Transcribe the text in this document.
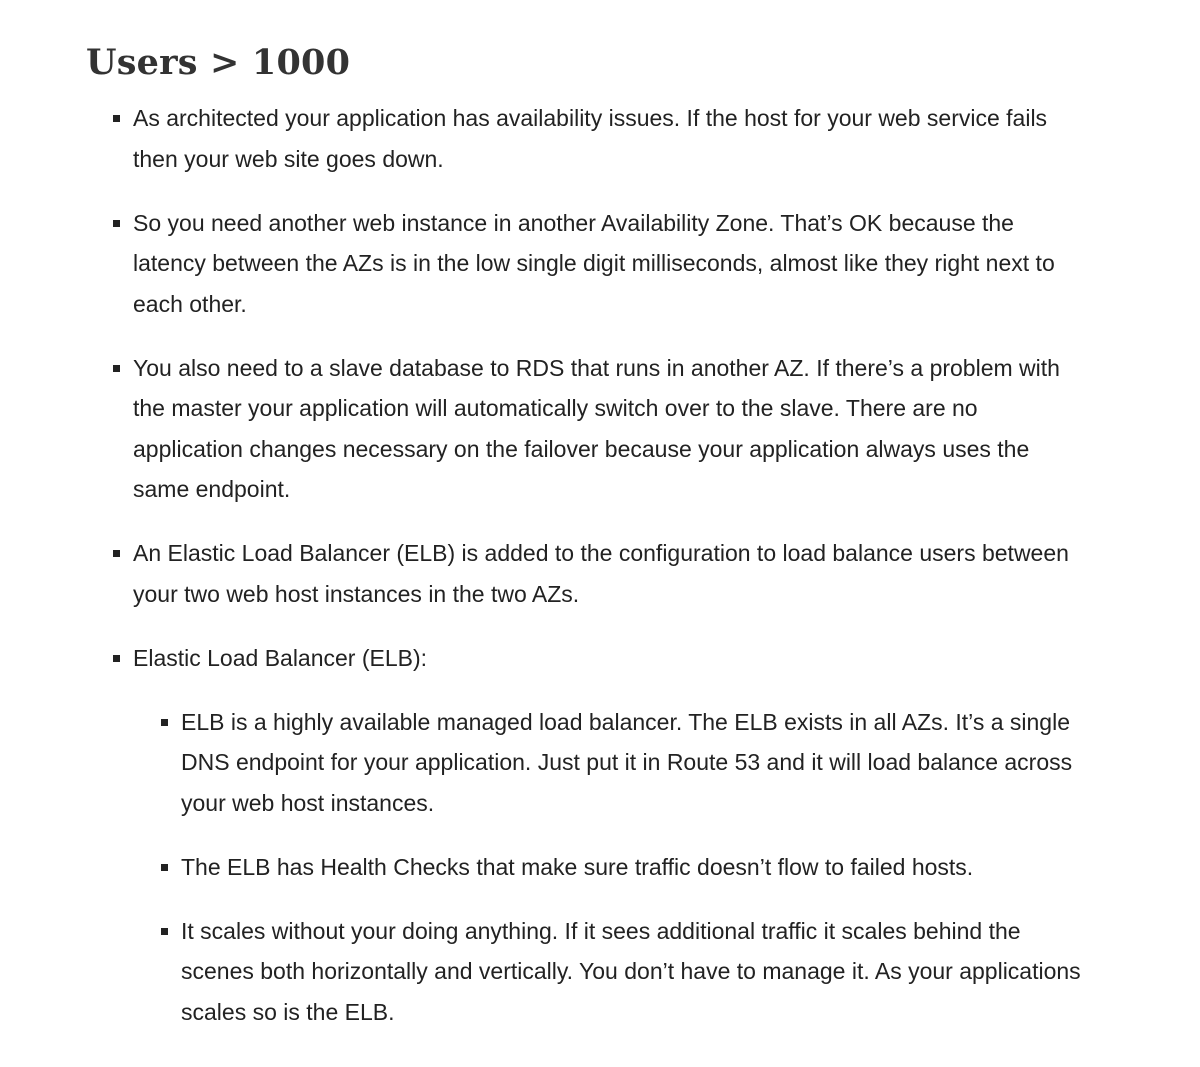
Users > 1000
As architected your application has availability issues. If the host for your web service fails then your web site goes down.
So you need another web instance in another Availability Zone. That’s OK because the latency between the AZs is in the low single digit milliseconds, almost like they right next to each other.
You also need to a slave database to RDS that runs in another AZ. If there’s a problem with the master your application will automatically switch over to the slave. There are no application changes necessary on the failover because your application always uses the same endpoint.
An Elastic Load Balancer (ELB) is added to the configuration to load balance users between your two web host instances in the two AZs.
Elastic Load Balancer (ELB):
ELB is a highly available managed load balancer. The ELB exists in all AZs. It’s a single DNS endpoint for your application. Just put it in Route 53 and it will load balance across your web host instances.
The ELB has Health Checks that make sure traffic doesn’t flow to failed hosts.
It scales without your doing anything. If it sees additional traffic it scales behind the scenes both horizontally and vertically. You don’t have to manage it. As your applications scales so is the ELB.
